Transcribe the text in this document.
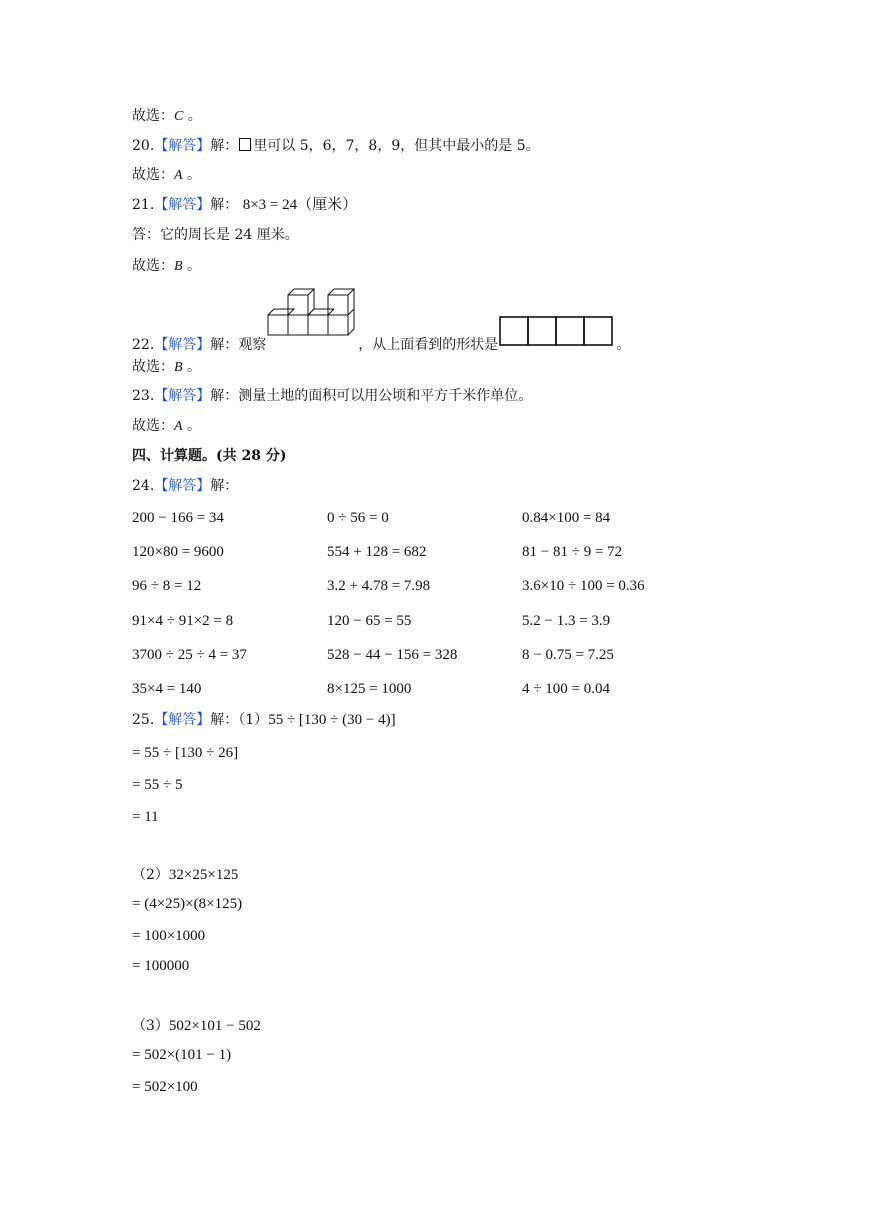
故选：C 。
20.【解答】解： 里可以 5，6，7，8，9，但其中最小的是 5。
故选：A 。
21.【解答】解： 8×3 = 24（厘米）
答：它的周长是 24 厘米。
故选：B 。
22.【解答】解：观察	，从上面看到的形状是	。
故选：B 。
23.【解答】解：测量土地的面积可以用公顷和平方千米作单位。
故选：A 。
四、计算题。(共 28 分)
24.【解答】解：
200 − 166 = 34	0 ÷ 56 = 0	0.84×100 = 84
120×80 = 9600	554 + 128 = 682	81 − 81 ÷ 9 = 72
96 ÷ 8 = 12	3.2 + 4.78 = 7.98	3.6×10 ÷ 100 = 0.36
91×4 ÷ 91×2 = 8	120 − 65 = 55	5.2 − 1.3 = 3.9
3700 ÷ 25 ÷ 4 = 37	528 − 44 − 156 = 328	8 − 0.75 = 7.25
35×4 = 140	8×125 = 1000	4 ÷ 100 = 0.04
25.【解答】解：（1）55 ÷ [130 ÷ (30 − 4)]
= 55 ÷ [130 ÷ 26]
= 55 ÷ 5
= 11
（2）32×25×125
= (4×25)×(8×125)
= 100×1000
= 100000
（3）502×101 − 502
= 502×(101 − 1)
= 502×100
